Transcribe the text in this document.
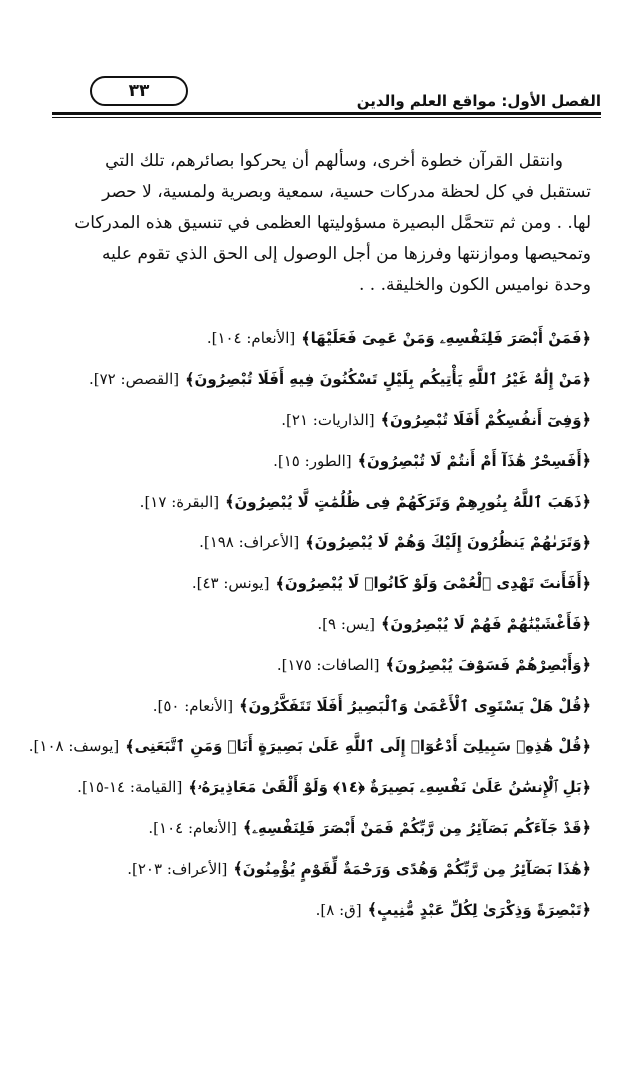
الفصل الأول: مواقع العلم والدين
٣٣
وانتقل القرآن خطوة أخرى، وسألهم أن يحركوا بصائرهم، تلك التي
تستقبل في كل لحظة مدركات حسية، سمعية وبصرية ولمسية، لا حصر
لها. . ومن ثم تتحمَّل البصيرة مسؤوليتها العظمى في تنسيق هذه المدركات
وتمحيصها وموازنتها وفرزها من أجل الوصول إلى الحق الذي تقوم عليه
وحدة نواميس الكون والخليقة. . .
﴿
فَمَنْ أَبْصَرَ فَلِنَفْسِهِۦ وَمَنْ عَمِىَ فَعَلَيْهَا
﴾
[الأنعام: ١٠٤].
﴿
مَنْ إِلَٰهٌ غَيْرُ ٱللَّهِ يَأْتِيكُم بِلَيْلٍ تَسْكُنُونَ فِيهِ أَفَلَا تُبْصِرُونَ
﴾
[القصص: ٧٢].
﴿
وَفِىٓ أَنفُسِكُمْ أَفَلَا تُبْصِرُونَ
﴾
[الذاريات: ٢١].
﴿
أَفَسِحْرٌ هَٰذَآ أَمْ أَنتُمْ لَا تُبْصِرُونَ
﴾
[الطور: ١٥].
﴿
ذَهَبَ ٱللَّهُ بِنُورِهِمْ وَتَرَكَهُمْ فِى ظُلُمَٰتٍ لَّا يُبْصِرُونَ
﴾
[البقرة: ١٧].
﴿
وَتَرَىٰهُمْ يَنظُرُونَ إِلَيْكَ وَهُمْ لَا يُبْصِرُونَ
﴾
[الأعراف: ١٩٨].
﴿
أَفَأَنتَ تَهْدِى ٱلْعُمْىَ وَلَوْ كَانُوا۟ لَا يُبْصِرُونَ
﴾
[يونس: ٤٣].
﴿
فَأَغْشَيْنَٰهُمْ فَهُمْ لَا يُبْصِرُونَ
﴾
[يس: ٩].
﴿
وَأَبْصِرْهُمْ فَسَوْفَ يُبْصِرُونَ
﴾
[الصافات: ١٧٥].
﴿
قُلْ هَلْ يَسْتَوِى ٱلْأَعْمَىٰ وَٱلْبَصِيرُ أَفَلَا تَتَفَكَّرُونَ
﴾
[الأنعام: ٥٠].
﴿
قُلْ هَٰذِهِۦ سَبِيلِىٓ أَدْعُوٓا۟ إِلَى ٱللَّهِ عَلَىٰ بَصِيرَةٍ أَنَا۠ وَمَنِ ٱتَّبَعَنِى
﴾
[يوسف: ١٠٨].
﴿
بَلِ ٱلْإِنسَٰنُ عَلَىٰ نَفْسِهِۦ بَصِيرَةٌ ﴿١٤﴾ وَلَوْ أَلْقَىٰ مَعَاذِيرَهُۥ
﴾
[القيامة: ١٤-١٥].
﴿
قَدْ جَآءَكُم بَصَآئِرُ مِن رَّبِّكُمْ فَمَنْ أَبْصَرَ فَلِنَفْسِهِۦ
﴾
[الأنعام: ١٠٤].
﴿
هَٰذَا بَصَآئِرُ مِن رَّبِّكُمْ وَهُدًى وَرَحْمَةٌ لِّقَوْمٍ يُؤْمِنُونَ
﴾
[الأعراف: ٢٠٣].
﴿
تَبْصِرَةً وَذِكْرَىٰ لِكُلِّ عَبْدٍ مُّنِيبٍ
﴾
[ق: ٨].
